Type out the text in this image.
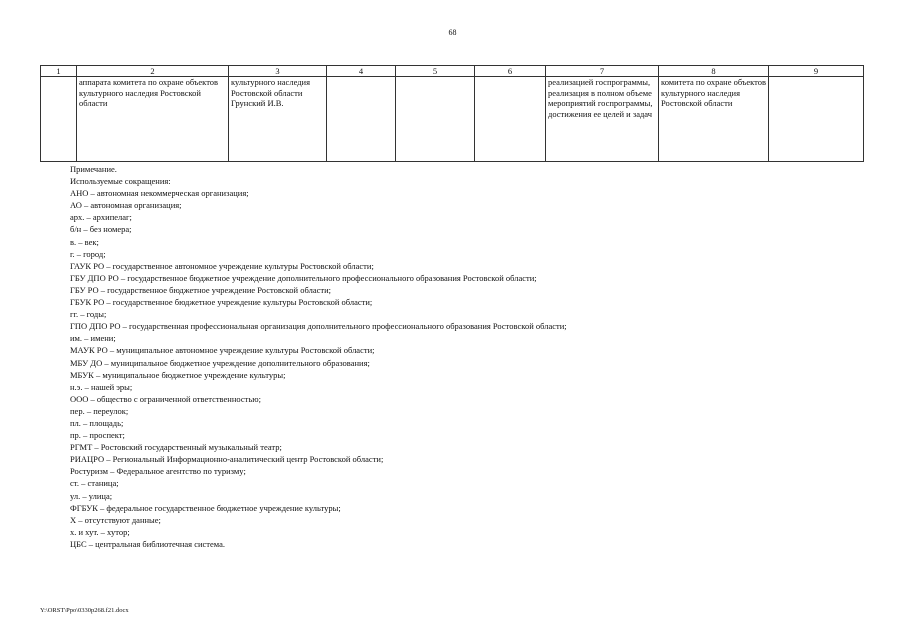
68
1	2	3	4	5	6	7	8	9
	аппарата комитета по охране объектов культурного наследия Ростовской области	культурного наследия Ростовской области Грунский И.В.				реализацией госпрограммы, реализация в полном объеме мероприятий госпрограммы, достижения ее целей и задач	комитета по охране объектов культурного наследия Ростовской области	
Примечание.
Используемые сокращения:
АНО – автономная некоммерческая организация;
АО – автономная организация;
арх. – архипелаг;
б/н – без номера;
в. – век;
г. – город;
ГАУК РО – государственное автономное учреждение культуры Ростовской области;
ГБУ ДПО РО – государственное бюджетное учреждение дополнительного профессионального образования Ростовской области;
ГБУ РО – государственное бюджетное учреждение Ростовской области;
ГБУК РО – государственное бюджетное учреждение культуры Ростовской области;
гг. – годы;
ГПО ДПО РО – государственная профессиональная организация дополнительного профессионального образования Ростовской области;
им. – имени;
МАУК РО – муниципальное автономное учреждение культуры Ростовской области;
МБУ ДО – муниципальное бюджетное учреждение дополнительного образования;
МБУК – муниципальное бюджетное учреждение культуры;
н.э. – нашей эры;
ООО – общество с ограниченной ответственностью;
пер. – переулок;
пл. – площадь;
пр. – проспект;
РГМТ – Ростовский государственный музыкальный театр;
РИАЦРО – Региональный Информационно-аналитический центр Ростовской области;
Ростуризм – Федеральное агентство по туризму;
ст. – станица;
ул. – улица;
ФГБУК – федеральное государственное бюджетное учреждение культуры;
Х – отсутствуют данные;
х. и хут. – хутор;
ЦБС – центральная библиотечная система.
Y:\ORST\Ppo\0330p268.f21.docx
